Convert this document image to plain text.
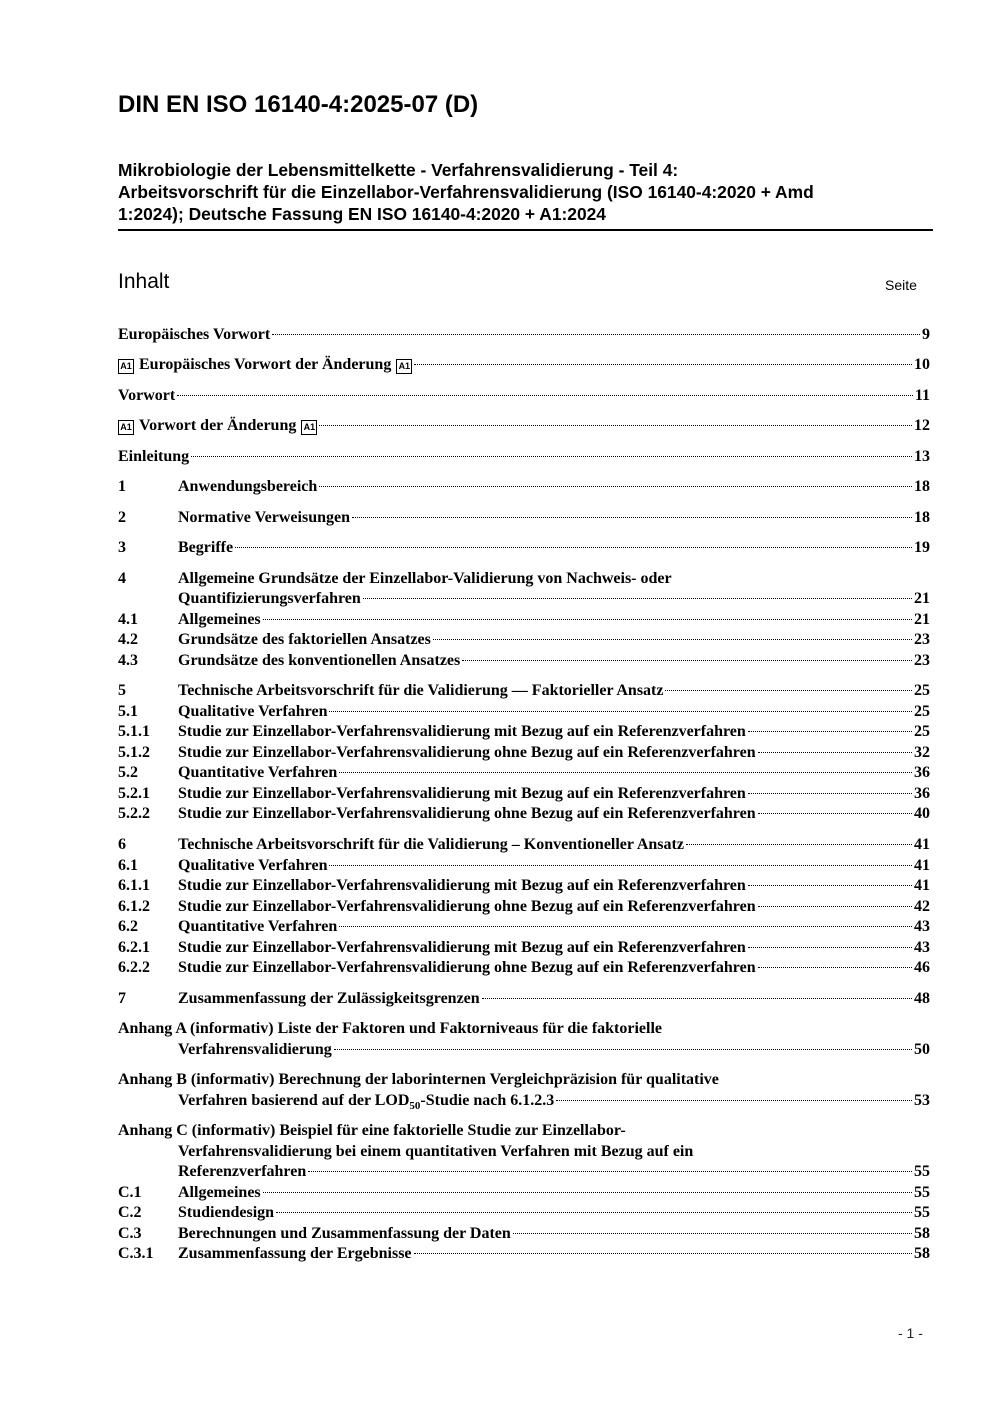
DIN EN ISO 16140-4:2025-07 (D)
Mikrobiologie der Lebensmittelkette - Verfahrensvalidierung - Teil 4:
Arbeitsvorschrift für die Einzellabor-Verfahrensvalidierung (ISO 16140-4:2020 + Amd
1:2024); Deutsche Fassung EN ISO 16140-4:2020 + A1:2024
Inhalt	Seite
Europäisches Vorwort	9
A1 Europäisches Vorwort der Änderung A1	10
Vorwort	11
A1 Vorwort der Änderung A1	12
Einleitung	13
1	Anwendungsbereich	18
2	Normative Verweisungen	18
3	Begriffe	19
4	Allgemeine Grundsätze der Einzellabor-Validierung von Nachweis- oder
Quantifizierungsverfahren	21
4.1	Allgemeines	21
4.2	Grundsätze des faktoriellen Ansatzes	23
4.3	Grundsätze des konventionellen Ansatzes	23
5	Technische Arbeitsvorschrift für die Validierung — Faktorieller Ansatz	25
5.1	Qualitative Verfahren	25
5.1.1	Studie zur Einzellabor-Verfahrensvalidierung mit Bezug auf ein Referenzverfahren	25
5.1.2	Studie zur Einzellabor-Verfahrensvalidierung ohne Bezug auf ein Referenzverfahren	32
5.2	Quantitative Verfahren	36
5.2.1	Studie zur Einzellabor-Verfahrensvalidierung mit Bezug auf ein Referenzverfahren	36
5.2.2	Studie zur Einzellabor-Verfahrensvalidierung ohne Bezug auf ein Referenzverfahren	40
6	Technische Arbeitsvorschrift für die Validierung – Konventioneller Ansatz	41
6.1	Qualitative Verfahren	41
6.1.1	Studie zur Einzellabor-Verfahrensvalidierung mit Bezug auf ein Referenzverfahren	41
6.1.2	Studie zur Einzellabor-Verfahrensvalidierung ohne Bezug auf ein Referenzverfahren	42
6.2	Quantitative Verfahren	43
6.2.1	Studie zur Einzellabor-Verfahrensvalidierung mit Bezug auf ein Referenzverfahren	43
6.2.2	Studie zur Einzellabor-Verfahrensvalidierung ohne Bezug auf ein Referenzverfahren	46
7	Zusammenfassung der Zulässigkeitsgrenzen	48
Anhang A (informativ) Liste der Faktoren und Faktorniveaus für die faktorielle
Verfahrensvalidierung	50
Anhang B (informativ) Berechnung der laborinternen Vergleichpräzision für qualitative
Verfahren basierend auf der $LOD_{50}$-Studie nach 6.1.2.3	53
Anhang C (informativ) Beispiel für eine faktorielle Studie zur Einzellabor-
Verfahrensvalidierung bei einem quantitativen Verfahren mit Bezug auf ein
Referenzverfahren	55
C.1	Allgemeines	55
C.2	Studiendesign	55
C.3	Berechnungen und Zusammenfassung der Daten	58
C.3.1	Zusammenfassung der Ergebnisse	58
- 1 -
